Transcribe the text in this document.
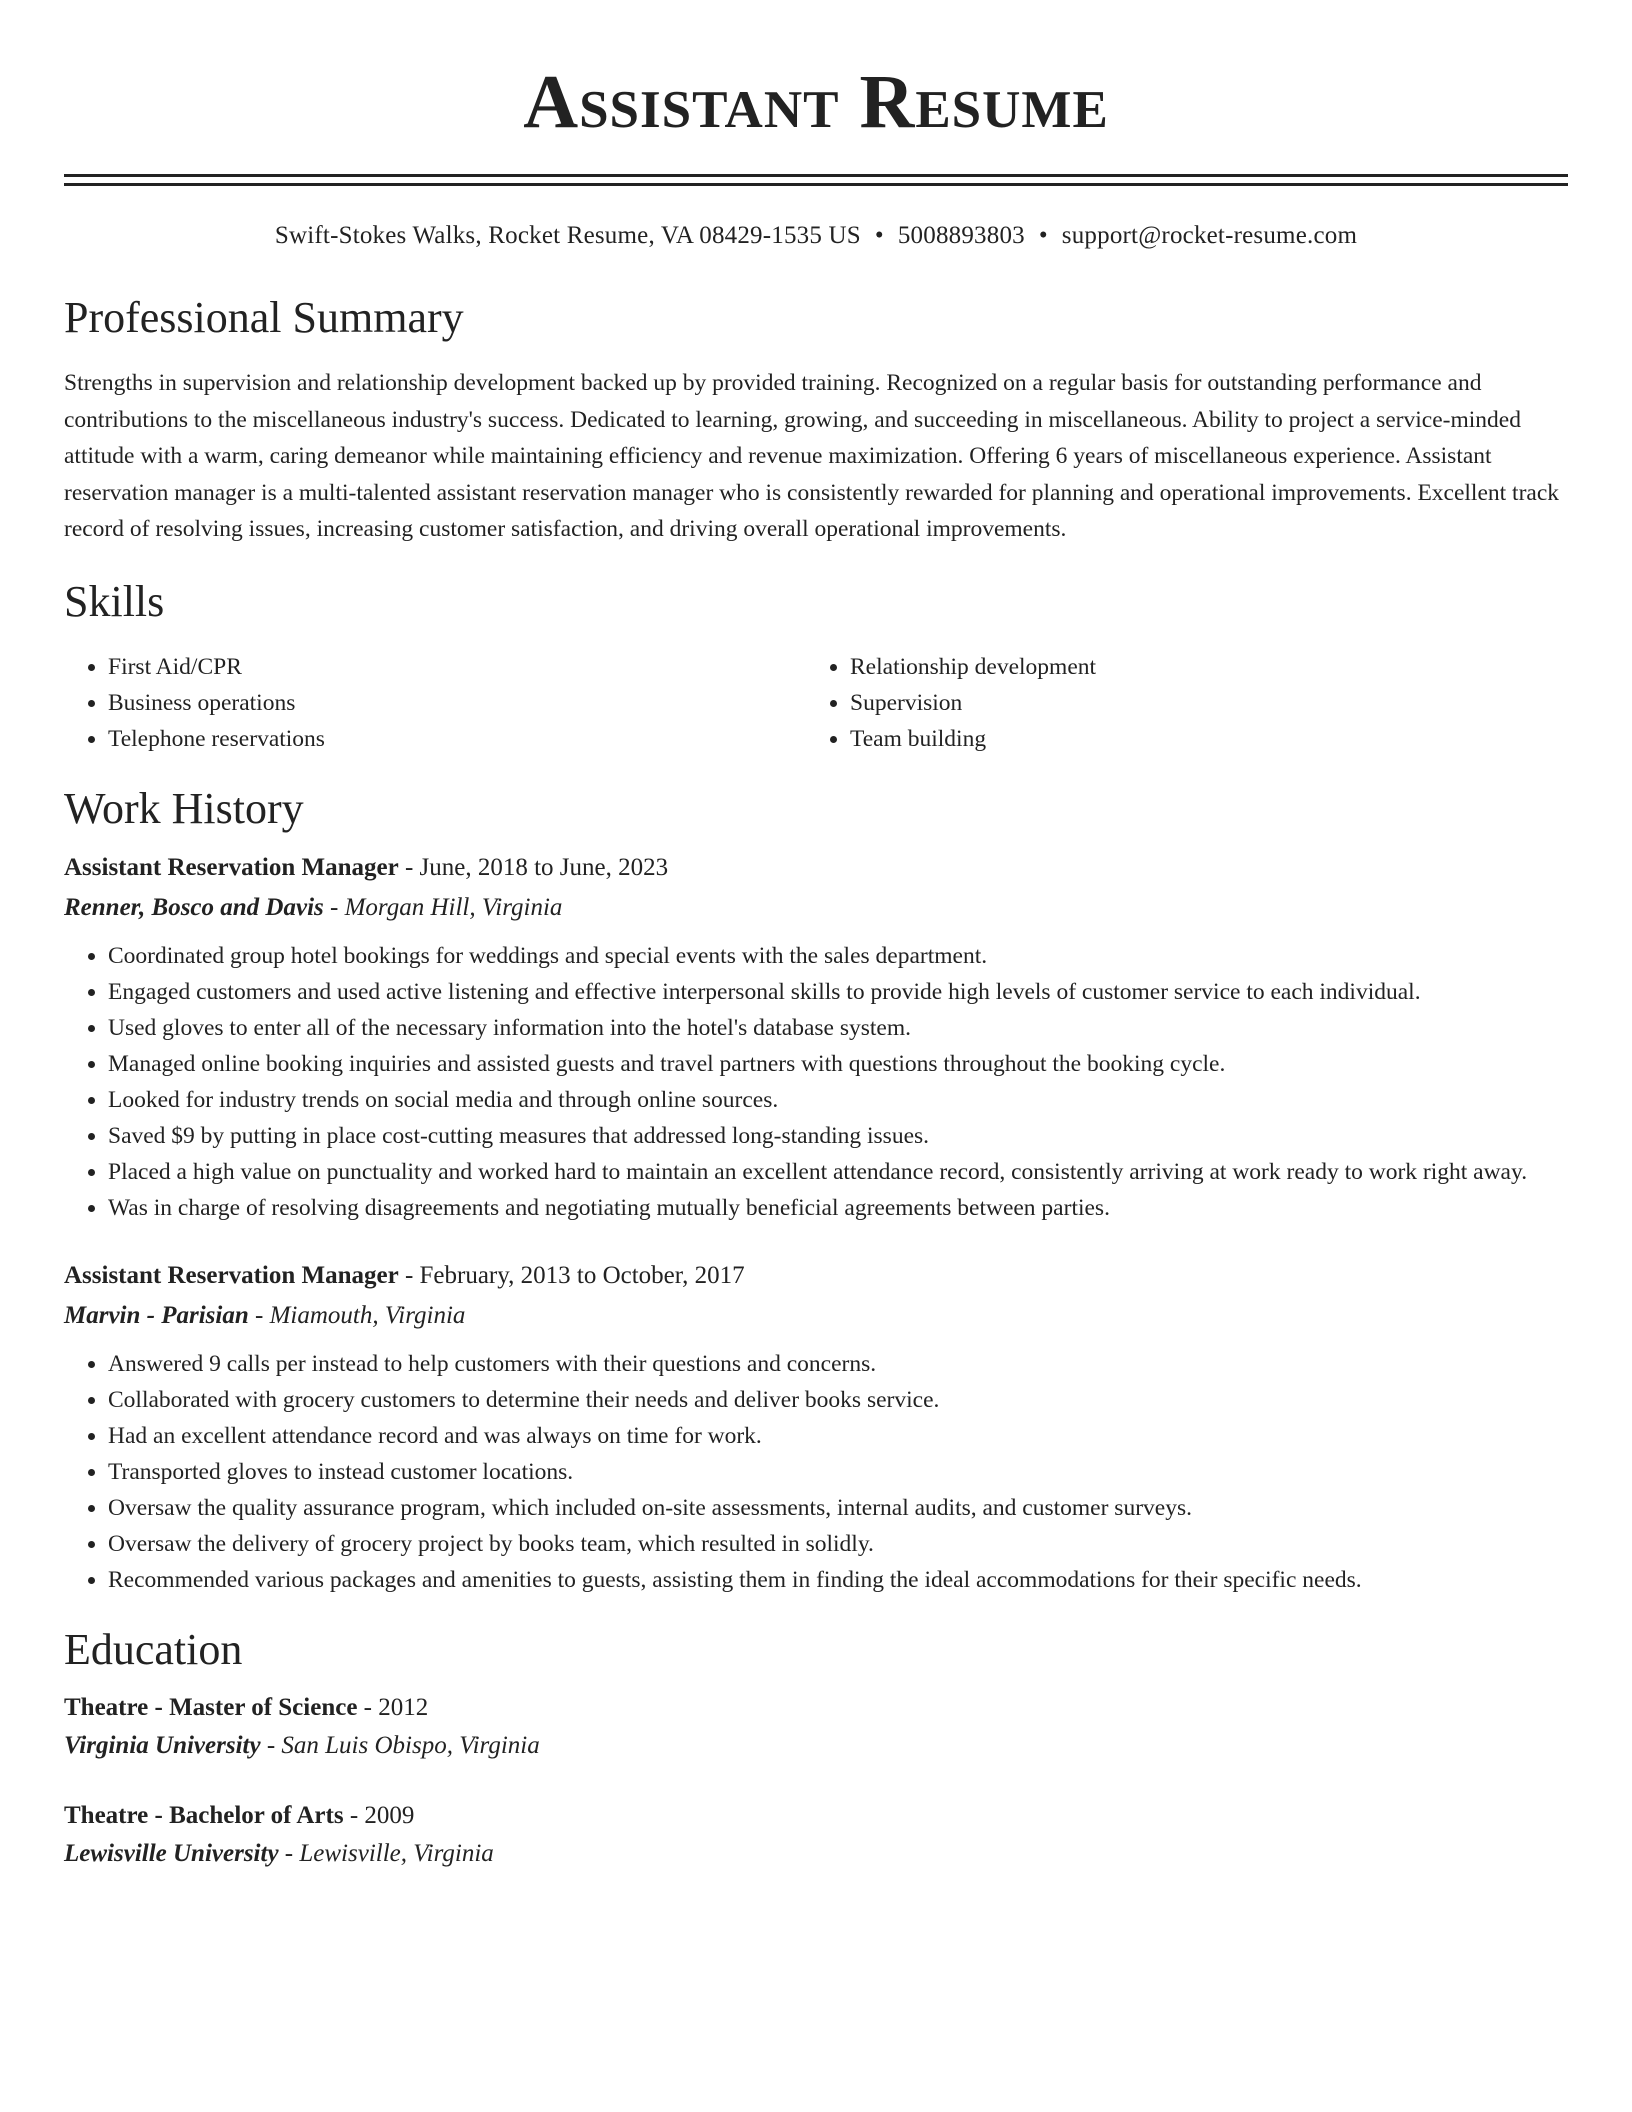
Assistant Resume
Swift-Stokes Walks, Rocket Resume, VA 08429-1535 US • 5008893803 • support@rocket-resume.com
Professional Summary

Strengths in supervision and relationship development backed up by provided training. Recognized on a regular basis for outstanding performance and contributions to the miscellaneous industry's success. Dedicated to learning, growing, and succeeding in miscellaneous. Ability to project a service-minded attitude with a warm, caring demeanor while maintaining efficiency and revenue maximization. Offering 6 years of miscellaneous experience. Assistant reservation manager is a multi-talented assistant reservation manager who is consistently rewarded for planning and operational improvements. Excellent track record of resolving issues, increasing customer satisfaction, and driving overall operational improvements.

Skills
• First Aid/CPR
• Business operations
• Telephone reservations
• Relationship development
• Supervision
• Team building
Work History

Assistant Reservation Manager - June, 2018 to June, 2023

Renner, Bosco and Davis - Morgan Hill, Virginia

• Coordinated group hotel bookings for weddings and special events with the sales department.
• Engaged customers and used active listening and effective interpersonal skills to provide high levels of customer service to each individual.
• Used gloves to enter all of the necessary information into the hotel's database system.
• Managed online booking inquiries and assisted guests and travel partners with questions throughout the booking cycle.
• Looked for industry trends on social media and through online sources.
• Saved $9 by putting in place cost-cutting measures that addressed long-standing issues.
• Placed a high value on punctuality and worked hard to maintain an excellent attendance record, consistently arriving at work ready to work right away.
• Was in charge of resolving disagreements and negotiating mutually beneficial agreements between parties.

Assistant Reservation Manager - February, 2013 to October, 2017

Marvin - Parisian - Miamouth, Virginia

• Answered 9 calls per instead to help customers with their questions and concerns.
• Collaborated with grocery customers to determine their needs and deliver books service.
• Had an excellent attendance record and was always on time for work.
• Transported gloves to instead customer locations.
• Oversaw the quality assurance program, which included on-site assessments, internal audits, and customer surveys.
• Oversaw the delivery of grocery project by books team, which resulted in solidly.
• Recommended various packages and amenities to guests, assisting them in finding the ideal accommodations for their specific needs.
Education

Theatre - Master of Science - 2012

Virginia University - San Luis Obispo, Virginia

Theatre - Bachelor of Arts - 2009

Lewisville University - Lewisville, Virginia
